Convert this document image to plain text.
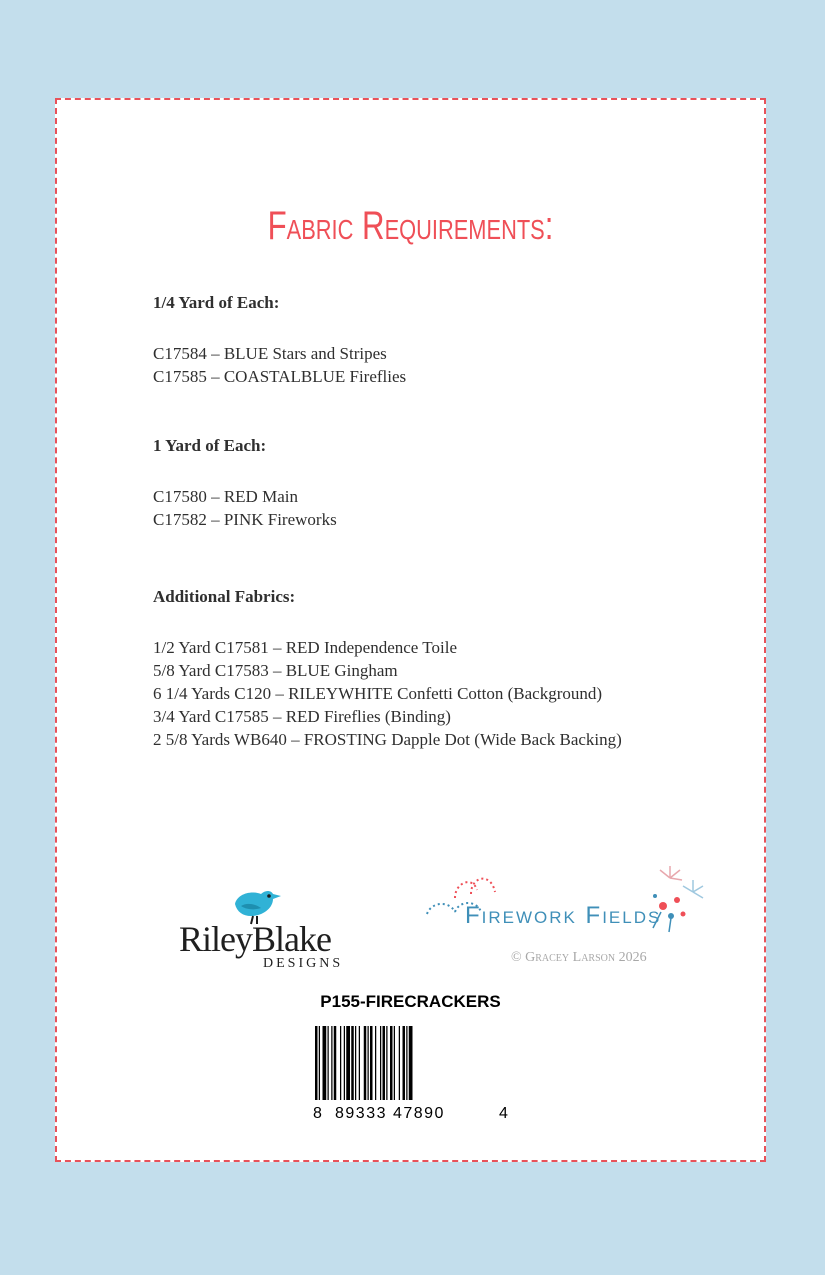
Fabric Requirements:
1/4 Yard of Each:
C17584 – BLUE Stars and Stripes
C17585 – COASTALBLUE Fireflies
1 Yard of Each:
C17580 – RED Main
C17582 – PINK Fireworks
Additional Fabrics:
1/2 Yard C17581 – RED Independence Toile
5/8 Yard C17583 – BLUE Gingham
6 1/4 Yards C120 – RILEYWHITE Confetti Cotton (Background)
3/4 Yard C17585 – RED Fireflies (Binding)
2 5/8 Yards WB640 – FROSTING Dapple Dot (Wide Back Backing)
RileyBlake
DESIGNS
Firework Fields
© Gracey Larson 2026
P155-FIRECRACKERS
8 89333 47890	4
